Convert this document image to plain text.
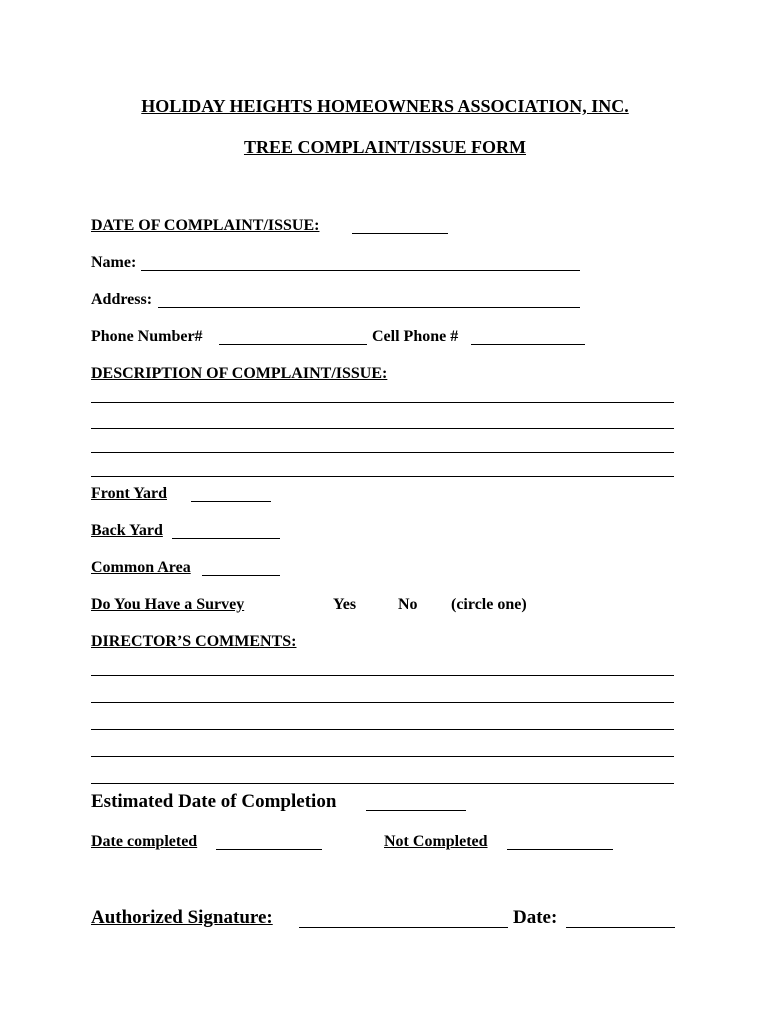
HOLIDAY HEIGHTS HOMEOWNERS ASSOCIATION, INC.
TREE COMPLAINT/ISSUE FORM
DATE OF COMPLAINT/ISSUE:
Name:
Address:
Phone Number#	Cell Phone #
DESCRIPTION OF COMPLAINT/ISSUE:
Front Yard
Back Yard
Common Area
Do You Have a Survey	Yes	No (circle one)
DIRECTOR’S COMMENTS:
Estimated Date of Completion
Date completed	Not Completed
Authorized Signature:	Date:
